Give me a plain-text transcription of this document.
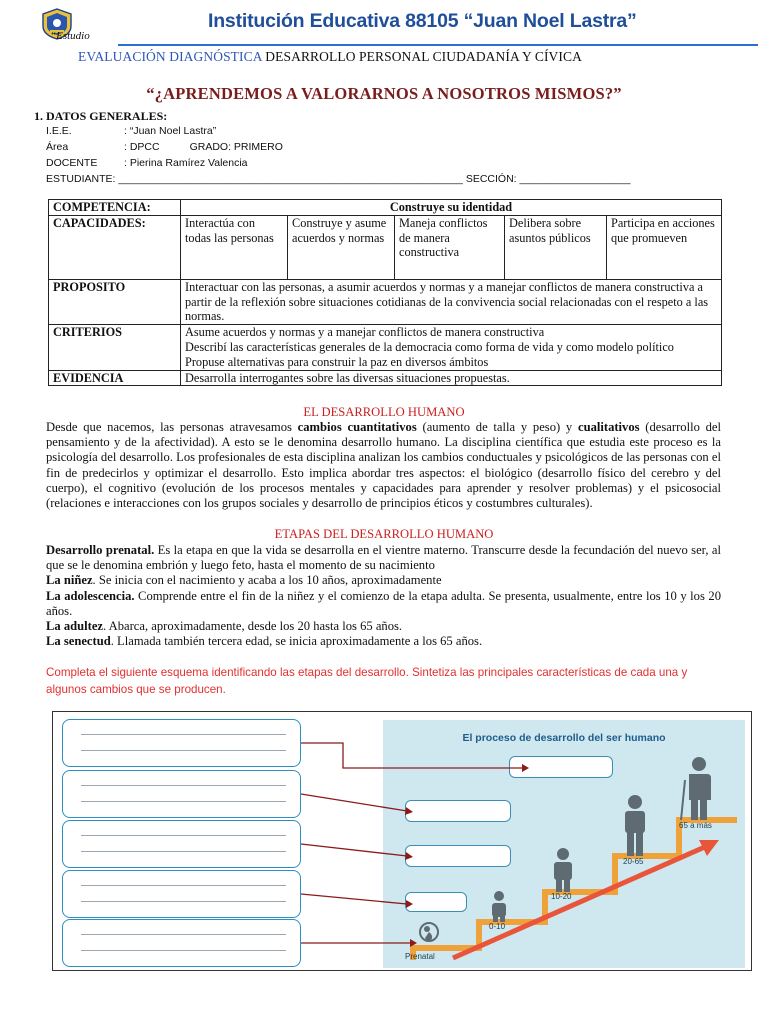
Institución Educativa 88105 “Juan Noel Lastra”
“Estudio
EVALUACIÓN DIAGNÓSTICA DESARROLLO PERSONAL CIUDADANÍA Y CÍVICA
“¿APRENDEMOS A VALORARNOS A NOSOTROS MISMOS?”
1. DATOS GENERALES:
I.E.E.	: “Juan Noel Lastra”
Área	: DPCC	GRADO: PRIMERO
DOCENTE	: Pierina Ramírez Valencia
ESTUDIANTE: ___________________________________________________________ SECCIÓN: ___________________
COMPETENCIA:	Construye su identidad				
CAPACIDADES:	Interactúa con todas las personas	Construye y asume acuerdos y normas	Maneja conflictos de manera constructiva	Delibera sobre asuntos públicos	Participa en acciones que promueven
PROPOSITO	Interactuar con las personas, a asumir acuerdos y normas y a manejar conflictos de manera constructiva a partir de la reflexión sobre situaciones cotidianas de la convivencia social relacionadas con el respeto a las normas.				
CRITERIOS	Asume acuerdos y normas y a manejar conflictos de manera constructiva
Describí las características generales de la democracia como forma de vida y como modelo político
Propuse alternativas para construir la paz en diversos ámbitos				

EVIDENCIA	Desarrolla interrogantes sobre las diversas situaciones propuestas.				
EL DESARROLLO HUMANO
Desde que nacemos, las personas atravesamos cambios cuantitativos (aumento de talla y peso) y cualitativos (desarrollo del pensamiento y de la afectividad). A esto se le denomina desarrollo humano. La disciplina científica que estudia este proceso es la psicología del desarrollo. Los profesionales de esta disciplina analizan los cambios conductuales y psicológicos de las personas con el fin de predecirlos y optimizar el desarrollo. Esto implica abordar tres aspectos: el biológico (desarrollo físico del cerebro y del cuerpo), el cognitivo (evolución de los procesos mentales y capacidades para aprender y resolver problemas) y el psicosocial (relaciones e interacciones con los grupos sociales y desarrollo de principios éticos y costumbres culturales).
ETAPAS DEL DESARROLLO HUMANO
Desarrollo prenatal. Es la etapa en que la vida se desarrolla en el vientre materno. Transcurre desde la fecundación del nuevo ser, al que se le denomina embrión y luego feto, hasta el momento de su nacimiento
La niñez. Se inicia con el nacimiento y acaba a los 10 años, aproximadamente
La adolescencia. Comprende entre el fin de la niñez y el comienzo de la etapa adulta. Se presenta, usualmente, entre los 10 y los 20 años.
La adultez. Abarca, aproximadamente, desde los 20 hasta los 65 años.
La senectud. Llamada también tercera edad, se inicia aproximadamente a los 65 años.
Completa el siguiente esquema identificando las etapas del desarrollo. Sintetiza las principales características de cada una y algunos cambios que se producen.
El proceso de desarrollo del ser humano
Prenatal
0-10
10-20
20-65
65 a más
